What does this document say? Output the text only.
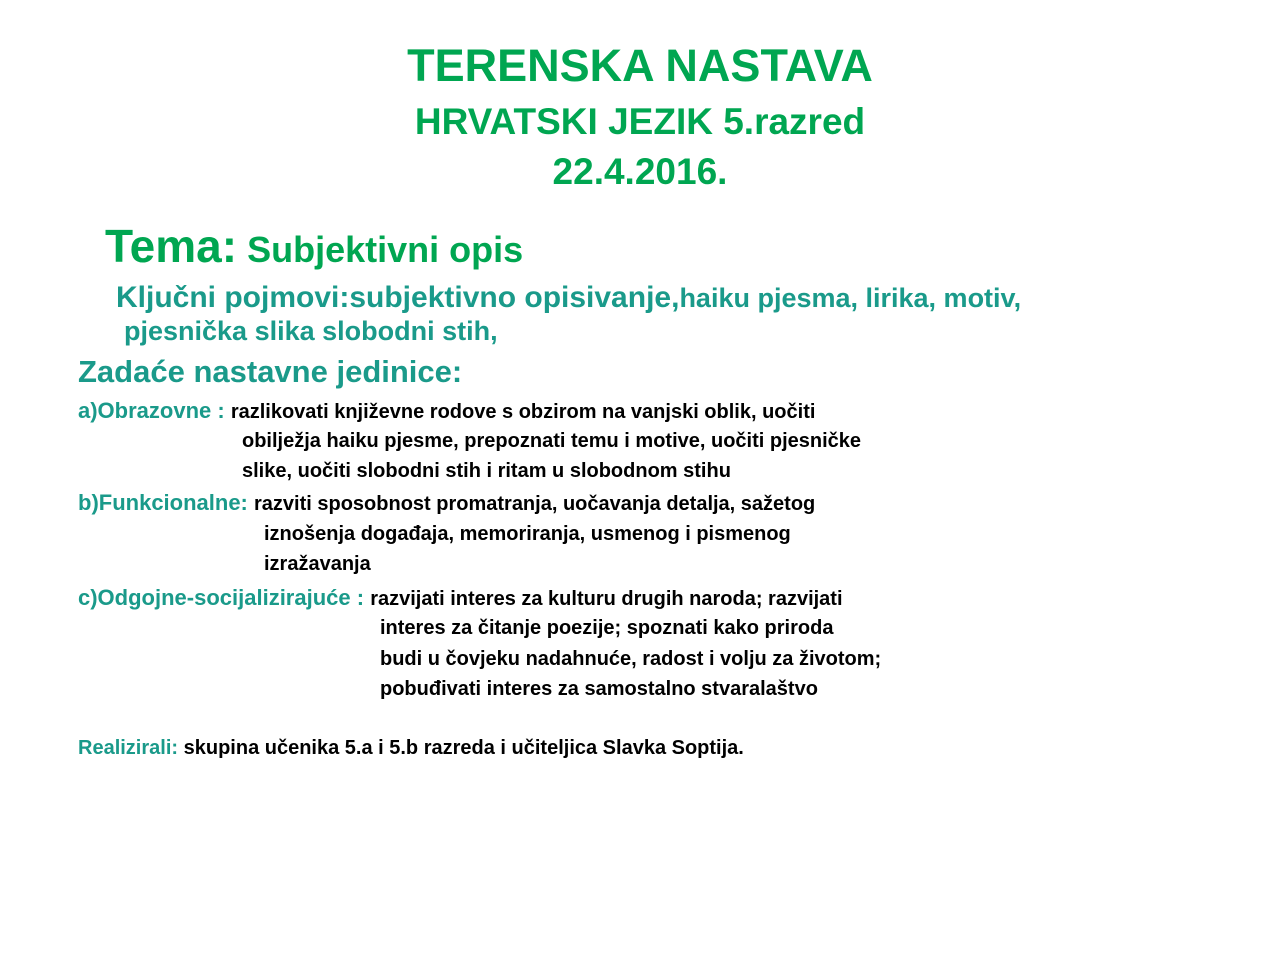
TERENSKA NASTAVA
HRVATSKI JEZIK 5.razred
22.4.2016.
Tema: Subjektivni opis
Ključni pojmovi:subjektivno opisivanje,haiku pjesma, lirika, motiv,
pjesnička slika slobodni stih,
Zadaće nastavne jedinice:
a)Obrazovne : razlikovati književne rodove s obzirom na vanjski oblik, uočiti
obilježja haiku pjesme, prepoznati temu i motive, uočiti pjesničke
slike, uočiti slobodni stih i ritam u slobodnom stihu
b)Funkcionalne: razviti sposobnost promatranja, uočavanja detalja, sažetog
iznošenja događaja, memoriranja, usmenog i pismenog
izražavanja
c)Odgojne-socijalizirajuće : razvijati interes za kulturu drugih naroda; razvijati
interes za čitanje poezije; spoznati kako priroda
budi u čovjeku nadahnuće, radost i volju za životom;
pobuđivati interes za samostalno stvaralaštvo
Realizirali: skupina učenika 5.a i 5.b razreda i učiteljica Slavka Soptija.
